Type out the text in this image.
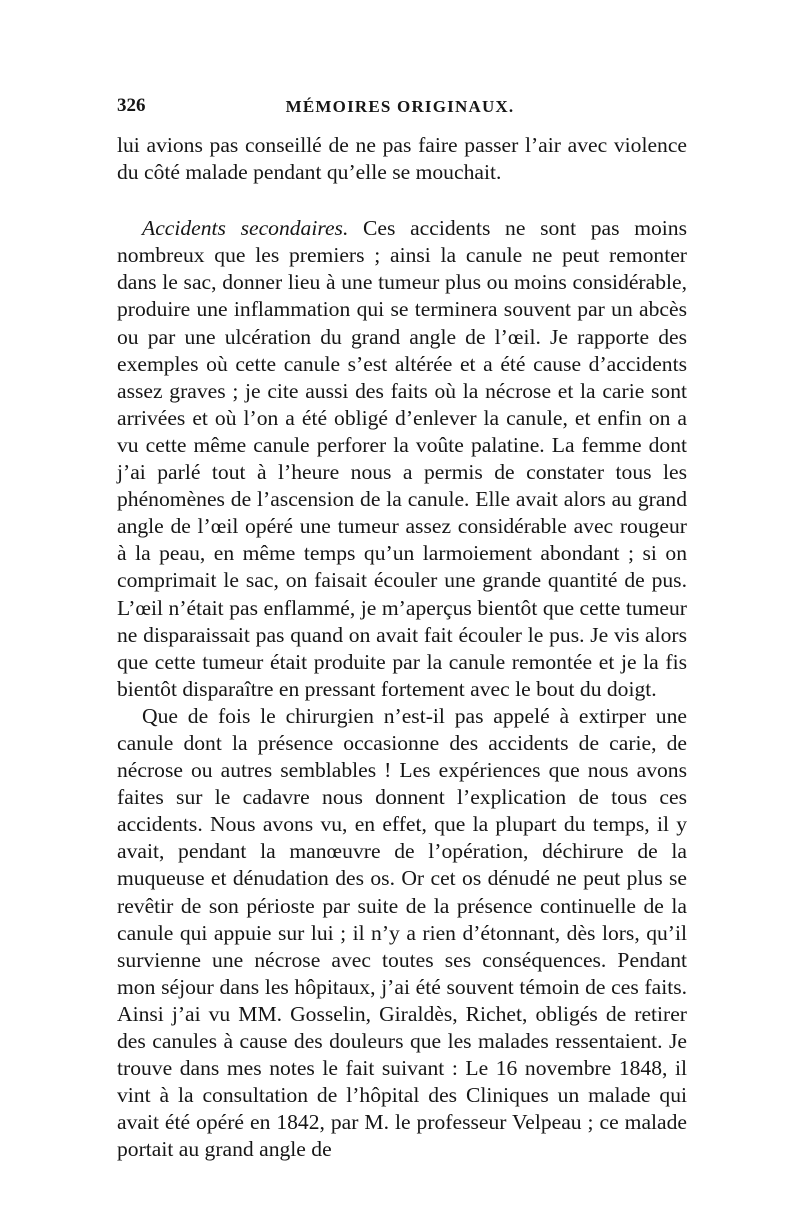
326	MÉMOIRES ORIGINAUX.

lui avions pas conseillé de ne pas faire passer l’air avec violence du côté malade pendant qu’elle se mouchait.

Accidents secondaires. Ces accidents ne sont pas moins nombreux que les premiers ; ainsi la canule ne peut remonter dans le sac, donner lieu à une tumeur plus ou moins considérable, produire une inflammation qui se terminera souvent par un abcès ou par une ulcération du grand angle de l’œil. Je rapporte des exemples où cette canule s’est altérée et a été cause d’accidents assez graves ; je cite aussi des faits où la nécrose et la carie sont arrivées et où l’on a été obligé d’enlever la canule, et enfin on a vu cette même canule perforer la voûte palatine. La femme dont j’ai parlé tout à l’heure nous a permis de constater tous les phénomènes de l’ascension de la canule. Elle avait alors au grand angle de l’œil opéré une tumeur assez considérable avec rougeur à la peau, en même temps qu’un larmoiement abondant ; si on comprimait le sac, on faisait écouler une grande quantité de pus. L’œil n’était pas enflammé, je m’aperçus bientôt que cette tumeur ne disparaissait pas quand on avait fait écouler le pus. Je vis alors que cette tumeur était produite par la canule remontée et je la fis bientôt disparaître en pressant fortement avec le bout du doigt.

Que de fois le chirurgien n’est-il pas appelé à extirper une canule dont la présence occasionne des accidents de carie, de nécrose ou autres semblables ! Les expériences que nous avons faites sur le cadavre nous donnent l’explication de tous ces accidents. Nous avons vu, en effet, que la plupart du temps, il y avait, pendant la manœuvre de l’opération, déchirure de la muqueuse et dénudation des os. Or cet os dénudé ne peut plus se revêtir de son périoste par suite de la présence continuelle de la canule qui appuie sur lui ; il n’y a rien d’étonnant, dès lors, qu’il survienne une nécrose avec toutes ses conséquences. Pendant mon séjour dans les hôpitaux, j’ai été souvent témoin de ces faits. Ainsi j’ai vu MM. Gosselin, Giraldès, Richet, obligés de retirer des canules à cause des douleurs que les malades ressentaient. Je trouve dans mes notes le fait suivant : Le 16 novembre 1848, il vint à la consultation de l’hôpital des Cliniques un malade qui avait été opéré en 1842, par M. le professeur Velpeau ; ce malade portait au grand angle de
